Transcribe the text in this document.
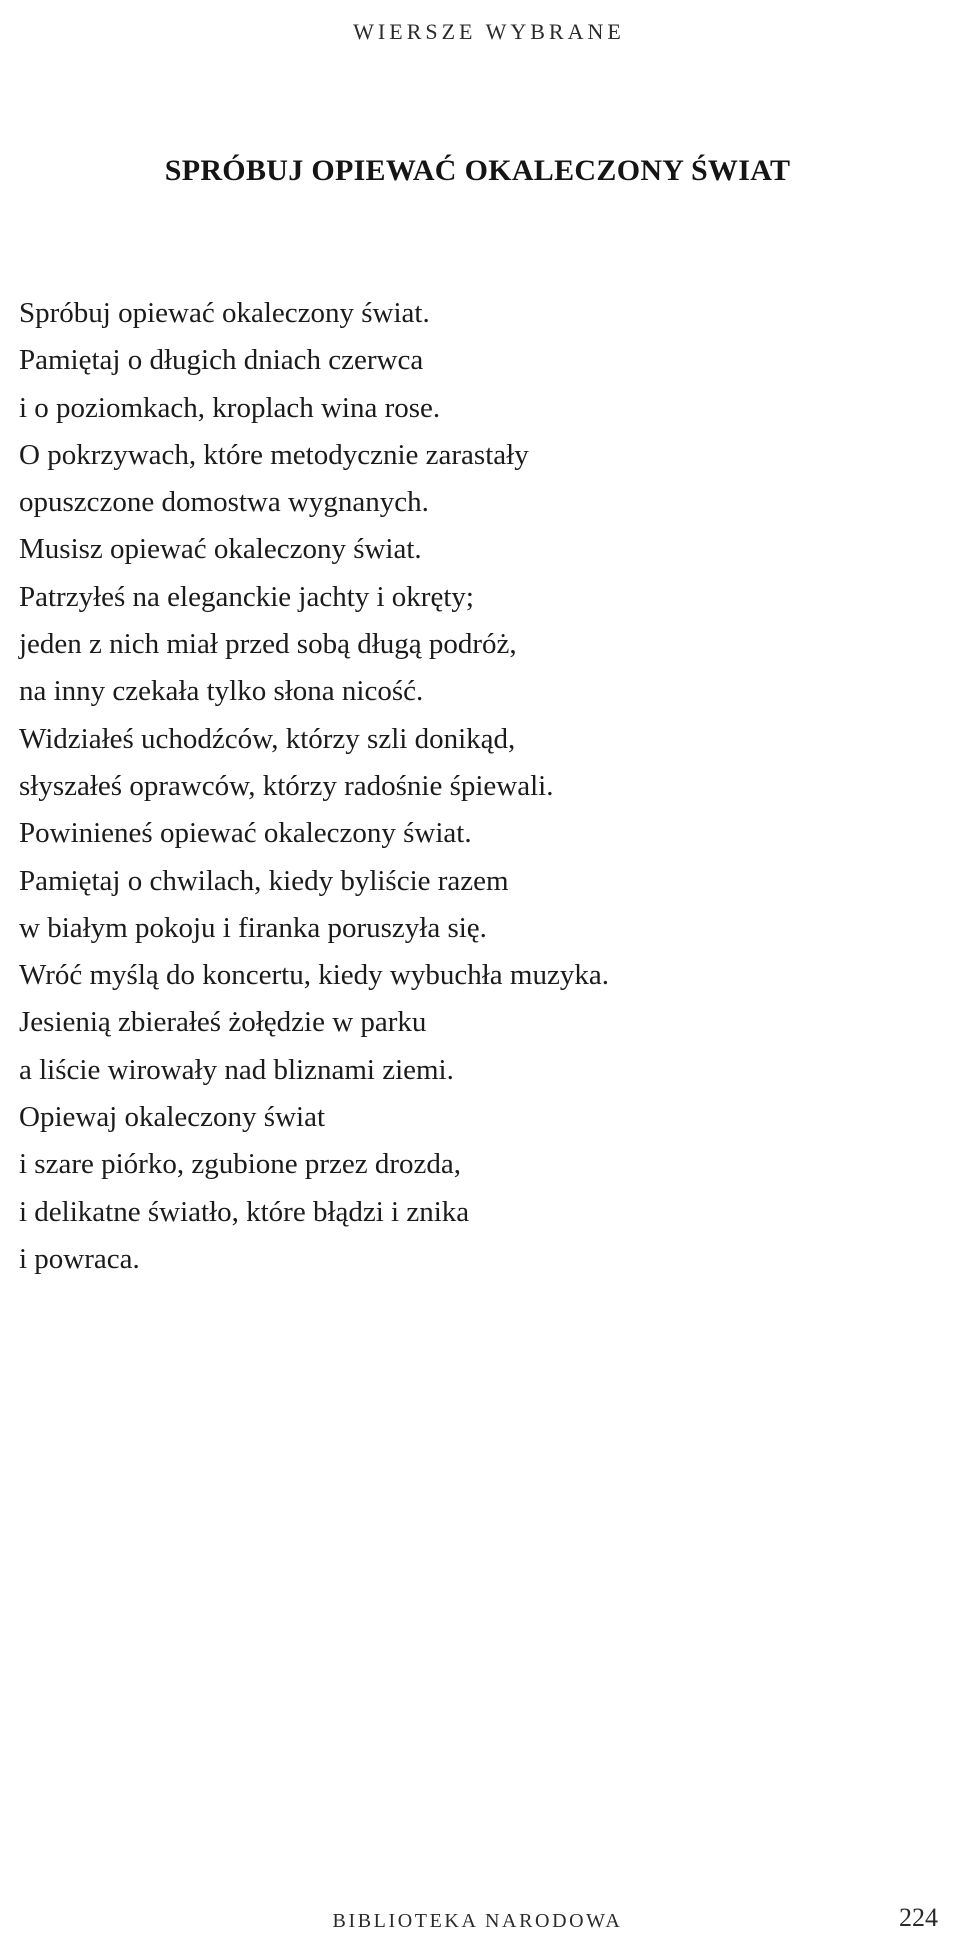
WIERSZE WYBRANE
SPRÓBUJ OPIEWAĆ OKALECZONY ŚWIAT
Spróbuj opiewać okaleczony świat.
Pamiętaj o długich dniach czerwca
i o poziomkach, kroplach wina rose.
O pokrzywach, które metodycznie zarastały
opuszczone domostwa wygnanych.
Musisz opiewać okaleczony świat.
Patrzyłeś na eleganckie jachty i okręty;
jeden z nich miał przed sobą długą podróż,
na inny czekała tylko słona nicość.
Widziałeś uchodźców, którzy szli donikąd,
słyszałeś oprawców, którzy radośnie śpiewali.
Powinieneś opiewać okaleczony świat.
Pamiętaj o chwilach, kiedy byliście razem
w białym pokoju i firanka poruszyła się.
Wróć myślą do koncertu, kiedy wybuchła muzyka.
Jesienią zbierałeś żołędzie w parku
a liście wirowały nad bliznami ziemi.
Opiewaj okaleczony świat
i szare piórko, zgubione przez drozda,
i delikatne światło, które błądzi i znika
i powraca.
BIBLIOTEKA NARODOWA	224
